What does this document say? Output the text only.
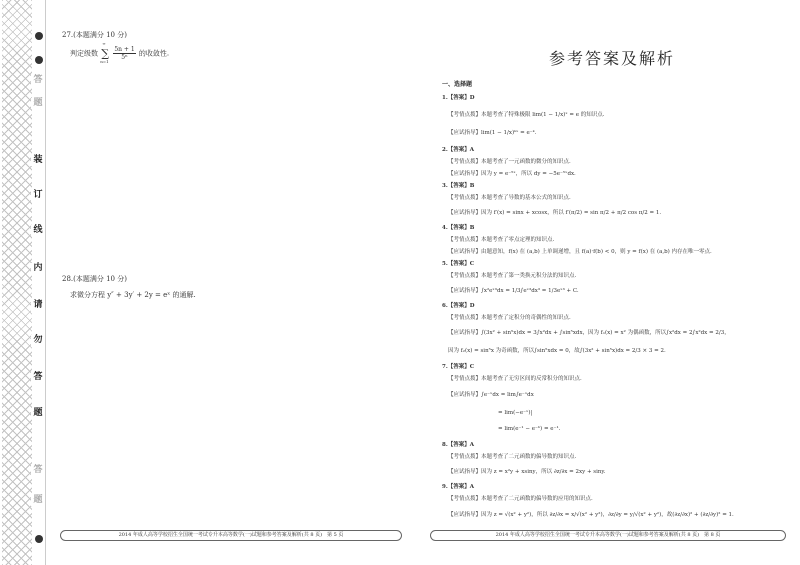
答
题
装
订
线
内
请
勿
答
题
答
题
27.(本题满分 10 分)
判定级数 ∑
∞
n=1

$\frac{5n + 1}{\text{5ⁿ}}$ 的收敛性.
28.(本题满分 10 分)
求微分方程 y″ + 3y′ + 2y = eˣ 的通解.
2014 年成人高等学校招生全国统一考试专升本高等数学(一)试题和参考答案及解析(共 8 页)　第 5 页
参考答案及解析
一、选择题
1.【答案】D
【考情点拨】本题考查了特殊极限 lim(1 − 1/x)ˣ = e 的知识点.
【应试指导】lim(1 − 1/x)ᵏˣ = e⁻ᵏ.
2.【答案】A
【考情点拨】本题考查了一元函数的微分的知识点.
【应试指导】因为 y = e⁻⁵ˣ，所以 dy = −5e⁻⁵ˣdx.
3.【答案】B
【考情点拨】本题考查了导数的基本公式的知识点.
【应试指导】因为 f′(x) = sinx + xcosx，所以 f′(π/2) = sin π/2 + π/2 cos π/2 = 1.
4.【答案】B
【考情点拨】本题考查了零点定理的知识点.
【应试指导】由题意知，f(x) 在 (a,b) 上单调递增，且 f(a)·f(b) < 0，则 y = f(x) 在 (a,b) 内存在唯一零点.
5.【答案】C
【考情点拨】本题考查了第一类换元积分法的知识点.
【应试指导】∫x²eˣ³dx = 1/3∫eˣ³dx³ = 1/3eˣ³ + C.
6.【答案】D
【考情点拨】本题考查了定积分的奇偶性的知识点.
【应试指导】∫(3x² + sin⁵x)dx = 3∫x²dx + ∫sin⁵xdx，因为 f₁(x) = x² 为偶函数，所以∫x²dx = 2∫x²dx = 2/3，
因为 f₂(x) = sin⁵x 为奇函数，所以∫sin⁵xdx = 0，故∫(3x² + sin⁵x)dx = 2/3 × 3 = 2.
7.【答案】C
【考情点拨】本题考查了无穷区间的反常积分的知识点.
【应试指导】∫e⁻ˣdx = lim∫e⁻ˣdx
= lim(−e⁻ˣ)|
= lim(e⁻¹ − e⁻ᵇ) = e⁻¹.
8.【答案】A
【考情点拨】本题考查了二元函数的偏导数的知识点.
【应试指导】因为 z = x²y + xsiny，所以 ∂z/∂x = 2xy + siny.
9.【答案】A
【考情点拨】本题考查了二元函数的偏导数的应用的知识点.
【应试指导】因为 z = √(x² + y²)，所以 ∂z/∂x = x/√(x² + y²)，∂z/∂y = y/√(x² + y²)，故(∂z/∂x)² + (∂z/∂y)² = 1.
2014 年成人高等学校招生全国统一考试专升本高等数学(一)试题和参考答案及解析(共 8 页)　第 8 页
